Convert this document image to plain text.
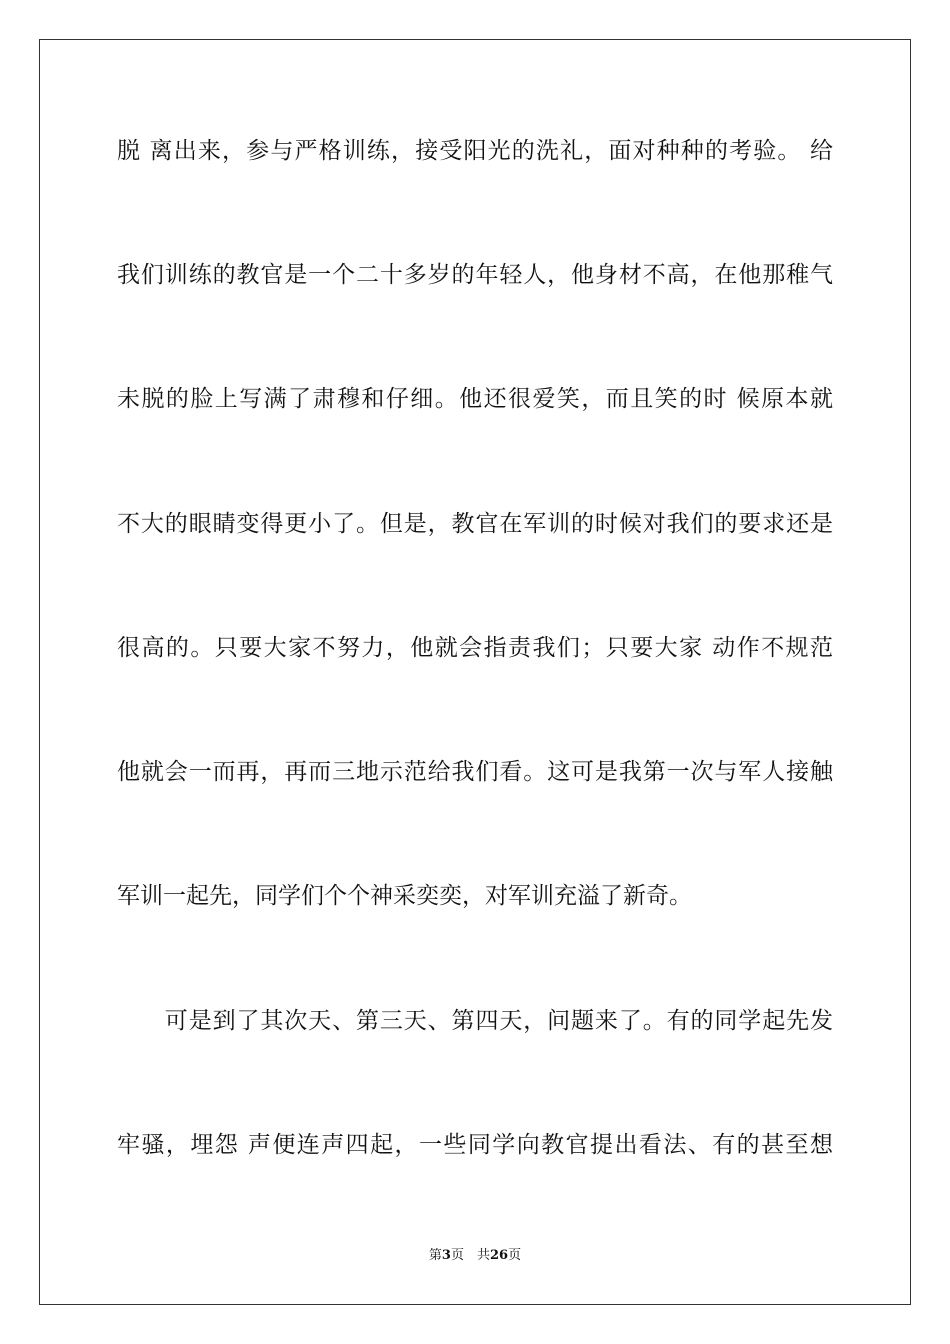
脱 离出来，参与严格训练，接受阳光的洗礼，面对种种的考验。 给
我们训练的教官是一个二十多岁的年轻人，他身材不高，在他那稚气
未脱的脸上写满了肃穆和仔细。他还很爱笑，而且笑的时 候原本就
不大的眼睛变得更小了。但是，教官在军训的时候对我们的要求还是
很高的。只要大家不努力，他就会指责我们；只要大家 动作不规范
他就会一而再，再而三地示范给我们看。这可是我第一次与军人接触
军训一起先，同学们个个神采奕奕，对军训充溢了新奇。
　　可是到了其次天、第三天、第四天，问题来了。有的同学起先发
牢骚，埋怨 声便连声四起，一些同学向教官提出看法、有的甚至想
第3页　共26页
